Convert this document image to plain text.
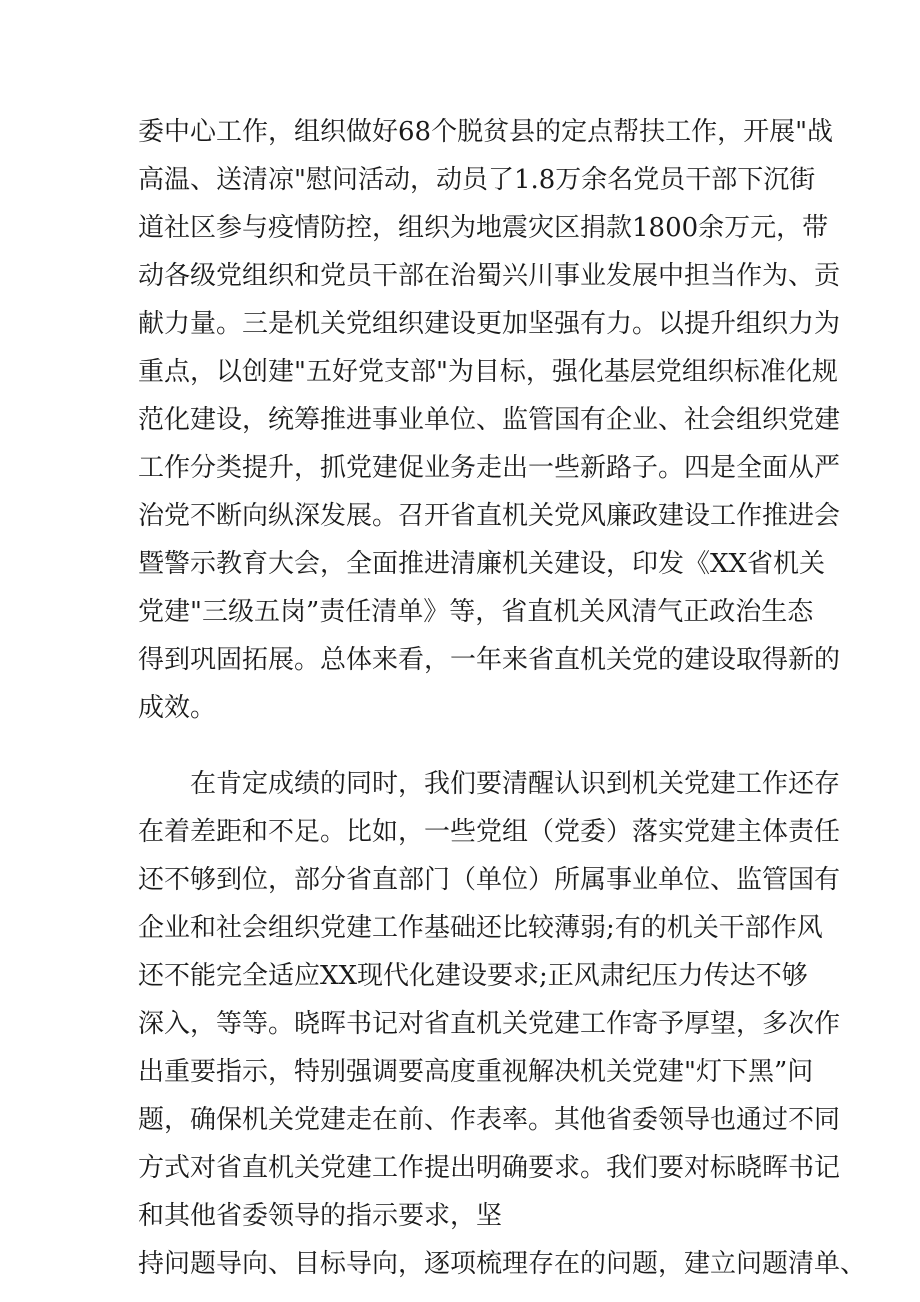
委中心工作，组织做好68个脱贫县的定点帮扶工作，开展"战
高温、送清凉"慰问活动，动员了1.8万余名党员干部下沉街
道社区参与疫情防控，组织为地震灾区捐款1800余万元，带
动各级党组织和党员干部在治蜀兴川事业发展中担当作为、贡
献力量。三是机关党组织建设更加坚强有力。以提升组织力为
重点，以创建"五好党支部"为目标，强化基层党组织标准化规
范化建设，统筹推进事业单位、监管国有企业、社会组织党建
工作分类提升，抓党建促业务走出一些新路子。四是全面从严
治党不断向纵深发展。召开省直机关党风廉政建设工作推进会
暨警示教育大会，全面推进清廉机关建设，印发《XX省机关
党建"三级五岗”责任清单》等，省直机关风清气正政治生态
得到巩固拓展。总体来看，一年来省直机关党的建设取得新的
成效。
在肯定成绩的同时，我们要清醒认识到机关党建工作还存
在着差距和不足。比如，一些党组（党委）落实党建主体责任
还不够到位，部分省直部门（单位）所属事业单位、监管国有
企业和社会组织党建工作基础还比较薄弱;有的机关干部作风
还不能完全适应XX现代化建设要求;正风肃纪压力传达不够
深入，等等。晓晖书记对省直机关党建工作寄予厚望，多次作
出重要指示，特别强调要高度重视解决机关党建"灯下黑”问
题，确保机关党建走在前、作表率。其他省委领导也通过不同
方式对省直机关党建工作提出明确要求。我们要对标晓晖书记
和其他省委领导的指示要求，坚
持问题导向、目标导向，逐项梳理存在的问题，建立问题清单、
